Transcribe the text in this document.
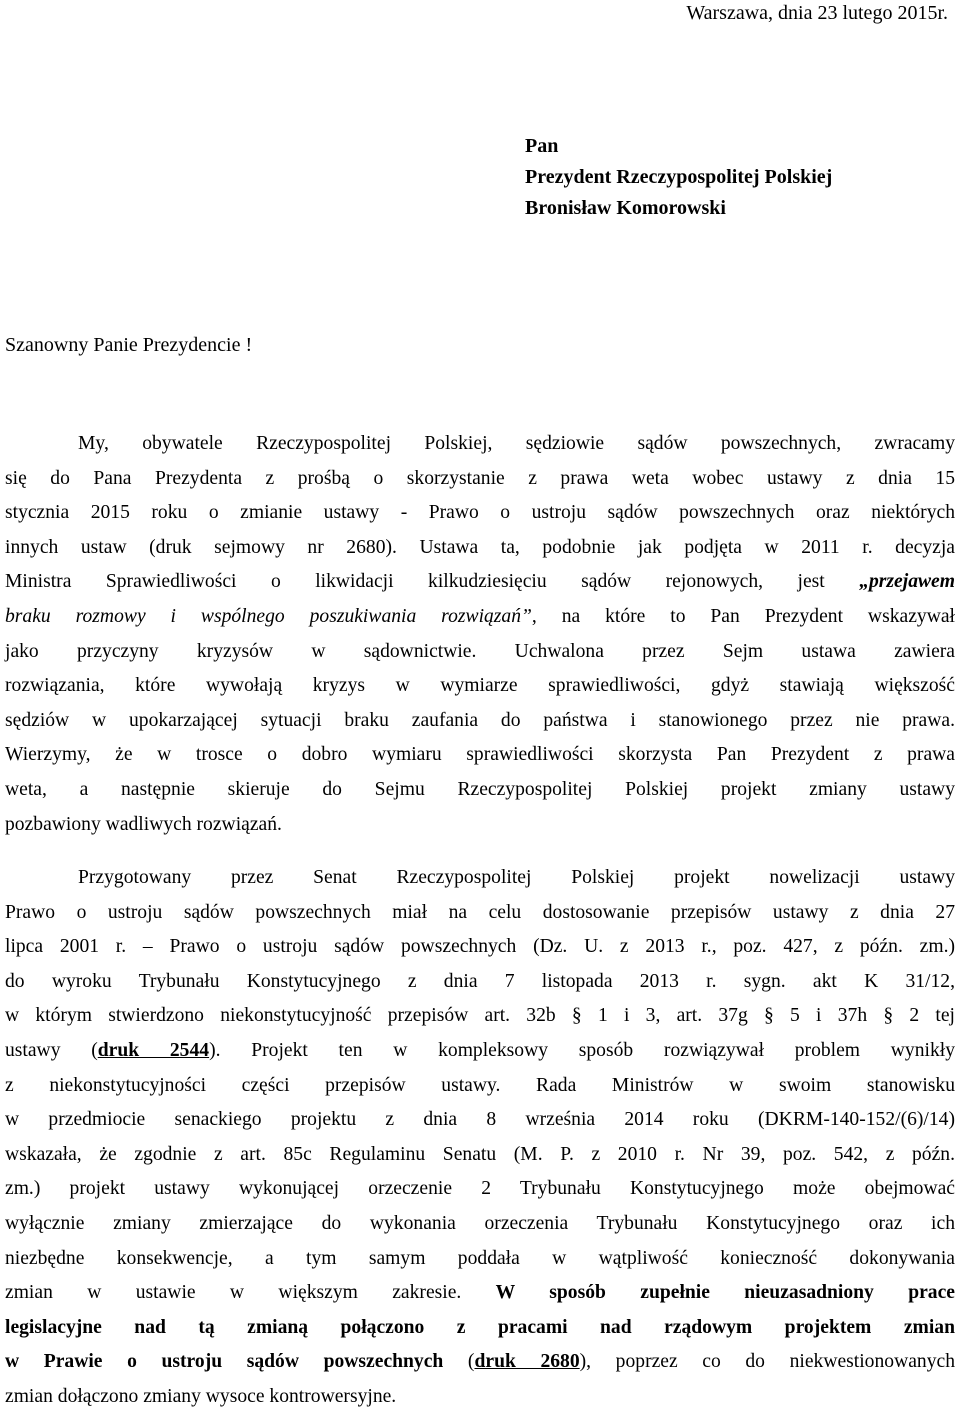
Warszawa, dnia 23 lutego 2015r.
Pan
Prezydent Rzeczypospolitej Polskiej
Bronisław Komorowski
Szanowny Panie Prezydencie !
My, obywatele Rzeczypospolitej Polskiej, sędziowie sądów powszechnych, zwracamy
się do Pana Prezydenta z prośbą o skorzystanie z prawa weta wobec ustawy z dnia 15
stycznia 2015 roku o zmianie ustawy - Prawo o ustroju sądów powszechnych oraz niektórych
innych ustaw (druk sejmowy nr 2680). Ustawa ta, podobnie jak podjęta w 2011 r. decyzja
Ministra Sprawiedliwości o likwidacji kilkudziesięciu sądów rejonowych, jest „przejawem
braku rozmowy i wspólnego poszukiwania rozwiązań”, na które to Pan Prezydent wskazywał
jako przyczyny kryzysów w sądownictwie. Uchwalona przez Sejm ustawa zawiera
rozwiązania, które wywołają kryzys w wymiarze sprawiedliwości, gdyż stawiają większość
sędziów w upokarzającej sytuacji braku zaufania do państwa i stanowionego przez nie prawa.
Wierzymy, że w trosce o dobro wymiaru sprawiedliwości skorzysta Pan Prezydent z prawa
weta, a następnie skieruje do Sejmu Rzeczypospolitej Polskiej projekt zmiany ustawy
pozbawiony wadliwych rozwiązań.
Przygotowany przez Senat Rzeczypospolitej Polskiej projekt nowelizacji ustawy
Prawo o ustroju sądów powszechnych miał na celu dostosowanie przepisów ustawy z dnia 27
lipca 2001 r. – Prawo o ustroju sądów powszechnych (Dz. U. z 2013 r., poz. 427, z późn. zm.)
do wyroku Trybunału Konstytucyjnego z dnia 7 listopada 2013 r. sygn. akt K 31/12,
w którym stwierdzono niekonstytucyjność przepisów art. 32b § 1 i 3, art. 37g § 5 i 37h § 2 tej
ustawy (druk 2544). Projekt ten w kompleksowy sposób rozwiązywał problem wynikły
z niekonstytucyjności części przepisów ustawy. Rada Ministrów w swoim stanowisku
w przedmiocie senackiego projektu z dnia 8 września 2014 roku (DKRM-140-152/(6)/14)
wskazała, że zgodnie z art. 85c Regulaminu Senatu (M. P. z 2010 r. Nr 39, poz. 542, z późn.
zm.) projekt ustawy wykonującej orzeczenie 2 Trybunału Konstytucyjnego może obejmować
wyłącznie zmiany zmierzające do wykonania orzeczenia Trybunału Konstytucyjnego oraz ich
niezbędne konsekwencje, a tym samym poddała w wątpliwość konieczność dokonywania
zmian w ustawie w większym zakresie. W sposób zupełnie nieuzasadniony prace
legislacyjne nad tą zmianą połączono z pracami nad rządowym projektem zmian
w Prawie o ustroju sądów powszechnych (druk 2680), poprzez co do niekwestionowanych
zmian dołączono zmiany wysoce kontrowersyjne.
